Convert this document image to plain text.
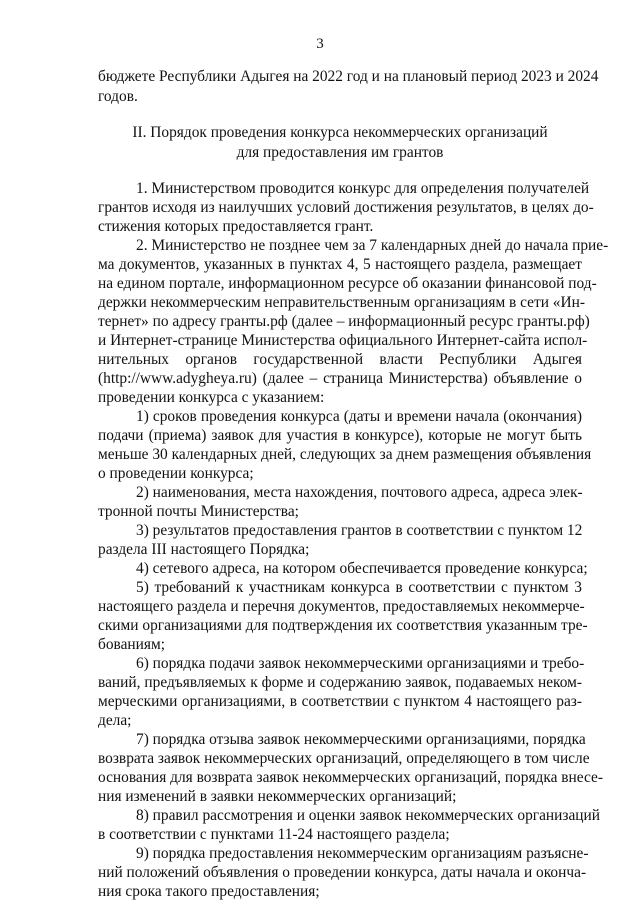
3
бюджете Республики Адыгея на 2022 год и на плановый период 2023 и 2024
годов.
II. Порядок проведения конкурса некоммерческих организаций
для предоставления им грантов
1. Министерством проводится конкурс для определения получателей
грантов исходя из наилучших условий достижения результатов, в целях до-
стижения которых предоставляется грант.
2. Министерство не позднее чем за 7 календарных дней до начала прие-
ма документов, указанных в пунктах 4, 5 настоящего раздела, размещает
на едином портале, информационном ресурсе об оказании финансовой под-
держки некоммерческим неправительственным организациям в сети «Ин-
тернет» по адресу гранты.рф (далее – информационный ресурс гранты.рф)
и Интернет-странице Министерства официального Интернет-сайта испол-
нительных органов государственной власти Республики Адыгея
(http://www.adygheya.ru) (далее – страница Министерства) объявление о
проведении конкурса с указанием:
1) сроков проведения конкурса (даты и времени начала (окончания)
подачи (приема) заявок для участия в конкурсе), которые не могут быть
меньше 30 календарных дней, следующих за днем размещения объявления
о проведении конкурса;
2) наименования, места нахождения, почтового адреса, адреса элек-
тронной почты Министерства;
3) результатов предоставления грантов в соответствии с пунктом 12
раздела III настоящего Порядка;
4) сетевого адреса, на котором обеспечивается проведение конкурса;
5) требований к участникам конкурса в соответствии с пунктом 3
настоящего раздела и перечня документов, предоставляемых некоммерче-
скими организациями для подтверждения их соответствия указанным тре-
бованиям;
6) порядка подачи заявок некоммерческими организациями и требо-
ваний, предъявляемых к форме и содержанию заявок, подаваемых неком-
мерческими организациями, в соответствии с пунктом 4 настоящего раз-
дела;
7) порядка отзыва заявок некоммерческими организациями, порядка
возврата заявок некоммерческих организаций, определяющего в том числе
основания для возврата заявок некоммерческих организаций, порядка внесе-
ния изменений в заявки некоммерческих организаций;
8) правил рассмотрения и оценки заявок некоммерческих организаций
в соответствии с пунктами 11-24 настоящего раздела;
9) порядка предоставления некоммерческим организациям разъясне-
ний положений объявления о проведении конкурса, даты начала и оконча-
ния срока такого предоставления;
